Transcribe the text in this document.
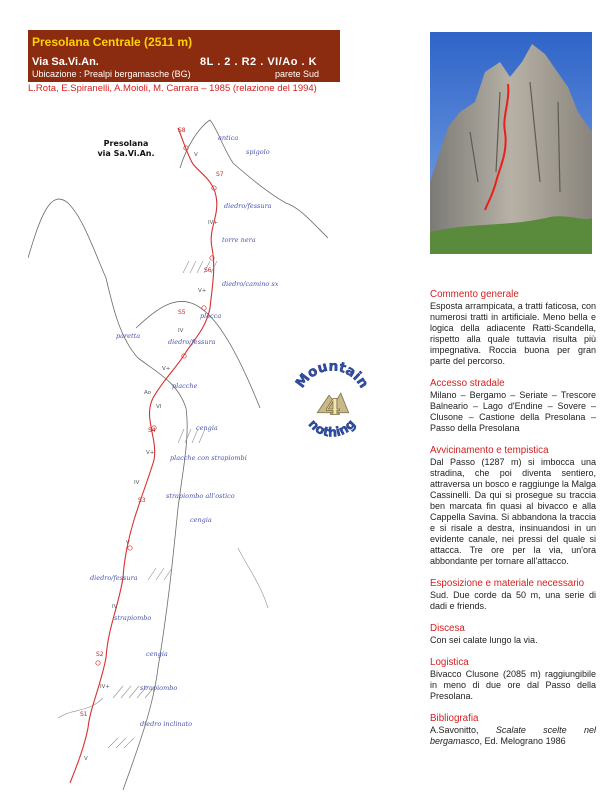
Presolana Centrale (2511 m)
Via Sa.Vi.An.	8L . 2 . R2 . VI/Ao . K
Ubicazione : Prealpi bergamasche (BG)	parete Sud
L.Rota, E.Spiranelli, A.Moioli, M. Carrara – 1985 (relazione del 1994)
Presolana
via Sa.Vi.An.
antica
spigolo
diedro/fessura
torre nera
diedro/camino sx
placca
diedro/fessura
paretta
placche
cengia
placche con strapiombi
strapiombo all'ostico
cengia
diedro/fessura
strapiombo
cengia
strapiombo
diedro inclinato
S8
S7
S6
S5
S4
S3
S2
S1
V
IV+
V+
IV
V+
VI
Ao
V+
IV
V
IV
IV+
V
Mountain
nothing
4
Commento generale

Esposta arrampicata, a tratti faticosa, con numerosi tratti in artificiale. Meno bella e logica della adiacente Ratti-Scandella, rispetto alla quale tuttavia risulta più impegnativa. Roccia buona per gran parte del percorso.

Accesso stradale

Milano – Bergamo – Seriate – Trescore Balneario – Lago d'Endine – Sovere – Clusone – Castione della Presolana – Passo della Presolana

Avvicinamento e tempistica

Dal Passo (1287 m) si imbocca una stradina, che poi diventa sentiero, attraversa un bosco e raggiunge la Malga Cassinelli. Da qui si prosegue su traccia ben marcata fin quasi al bivacco e alla Cappella Savina. Si abbandona la traccia e si risale a destra, insinuandosi in un evidente canale, nei pressi del quale si attacca. Tre ore per la via, un'ora abbondante per tornare all'attacco.

Esposizione e materiale necessario

Sud. Due corde da 50 m, una serie di dadi e friends.

Discesa

Con sei calate lungo la via.

Logistica

Bivacco Clusone (2085 m) raggiungibile in meno di due ore dal Passo della Presolana.

Bibliografia

A.Savonitto, Scalate scelte nel bergamasco, Ed. Melograno 1986
